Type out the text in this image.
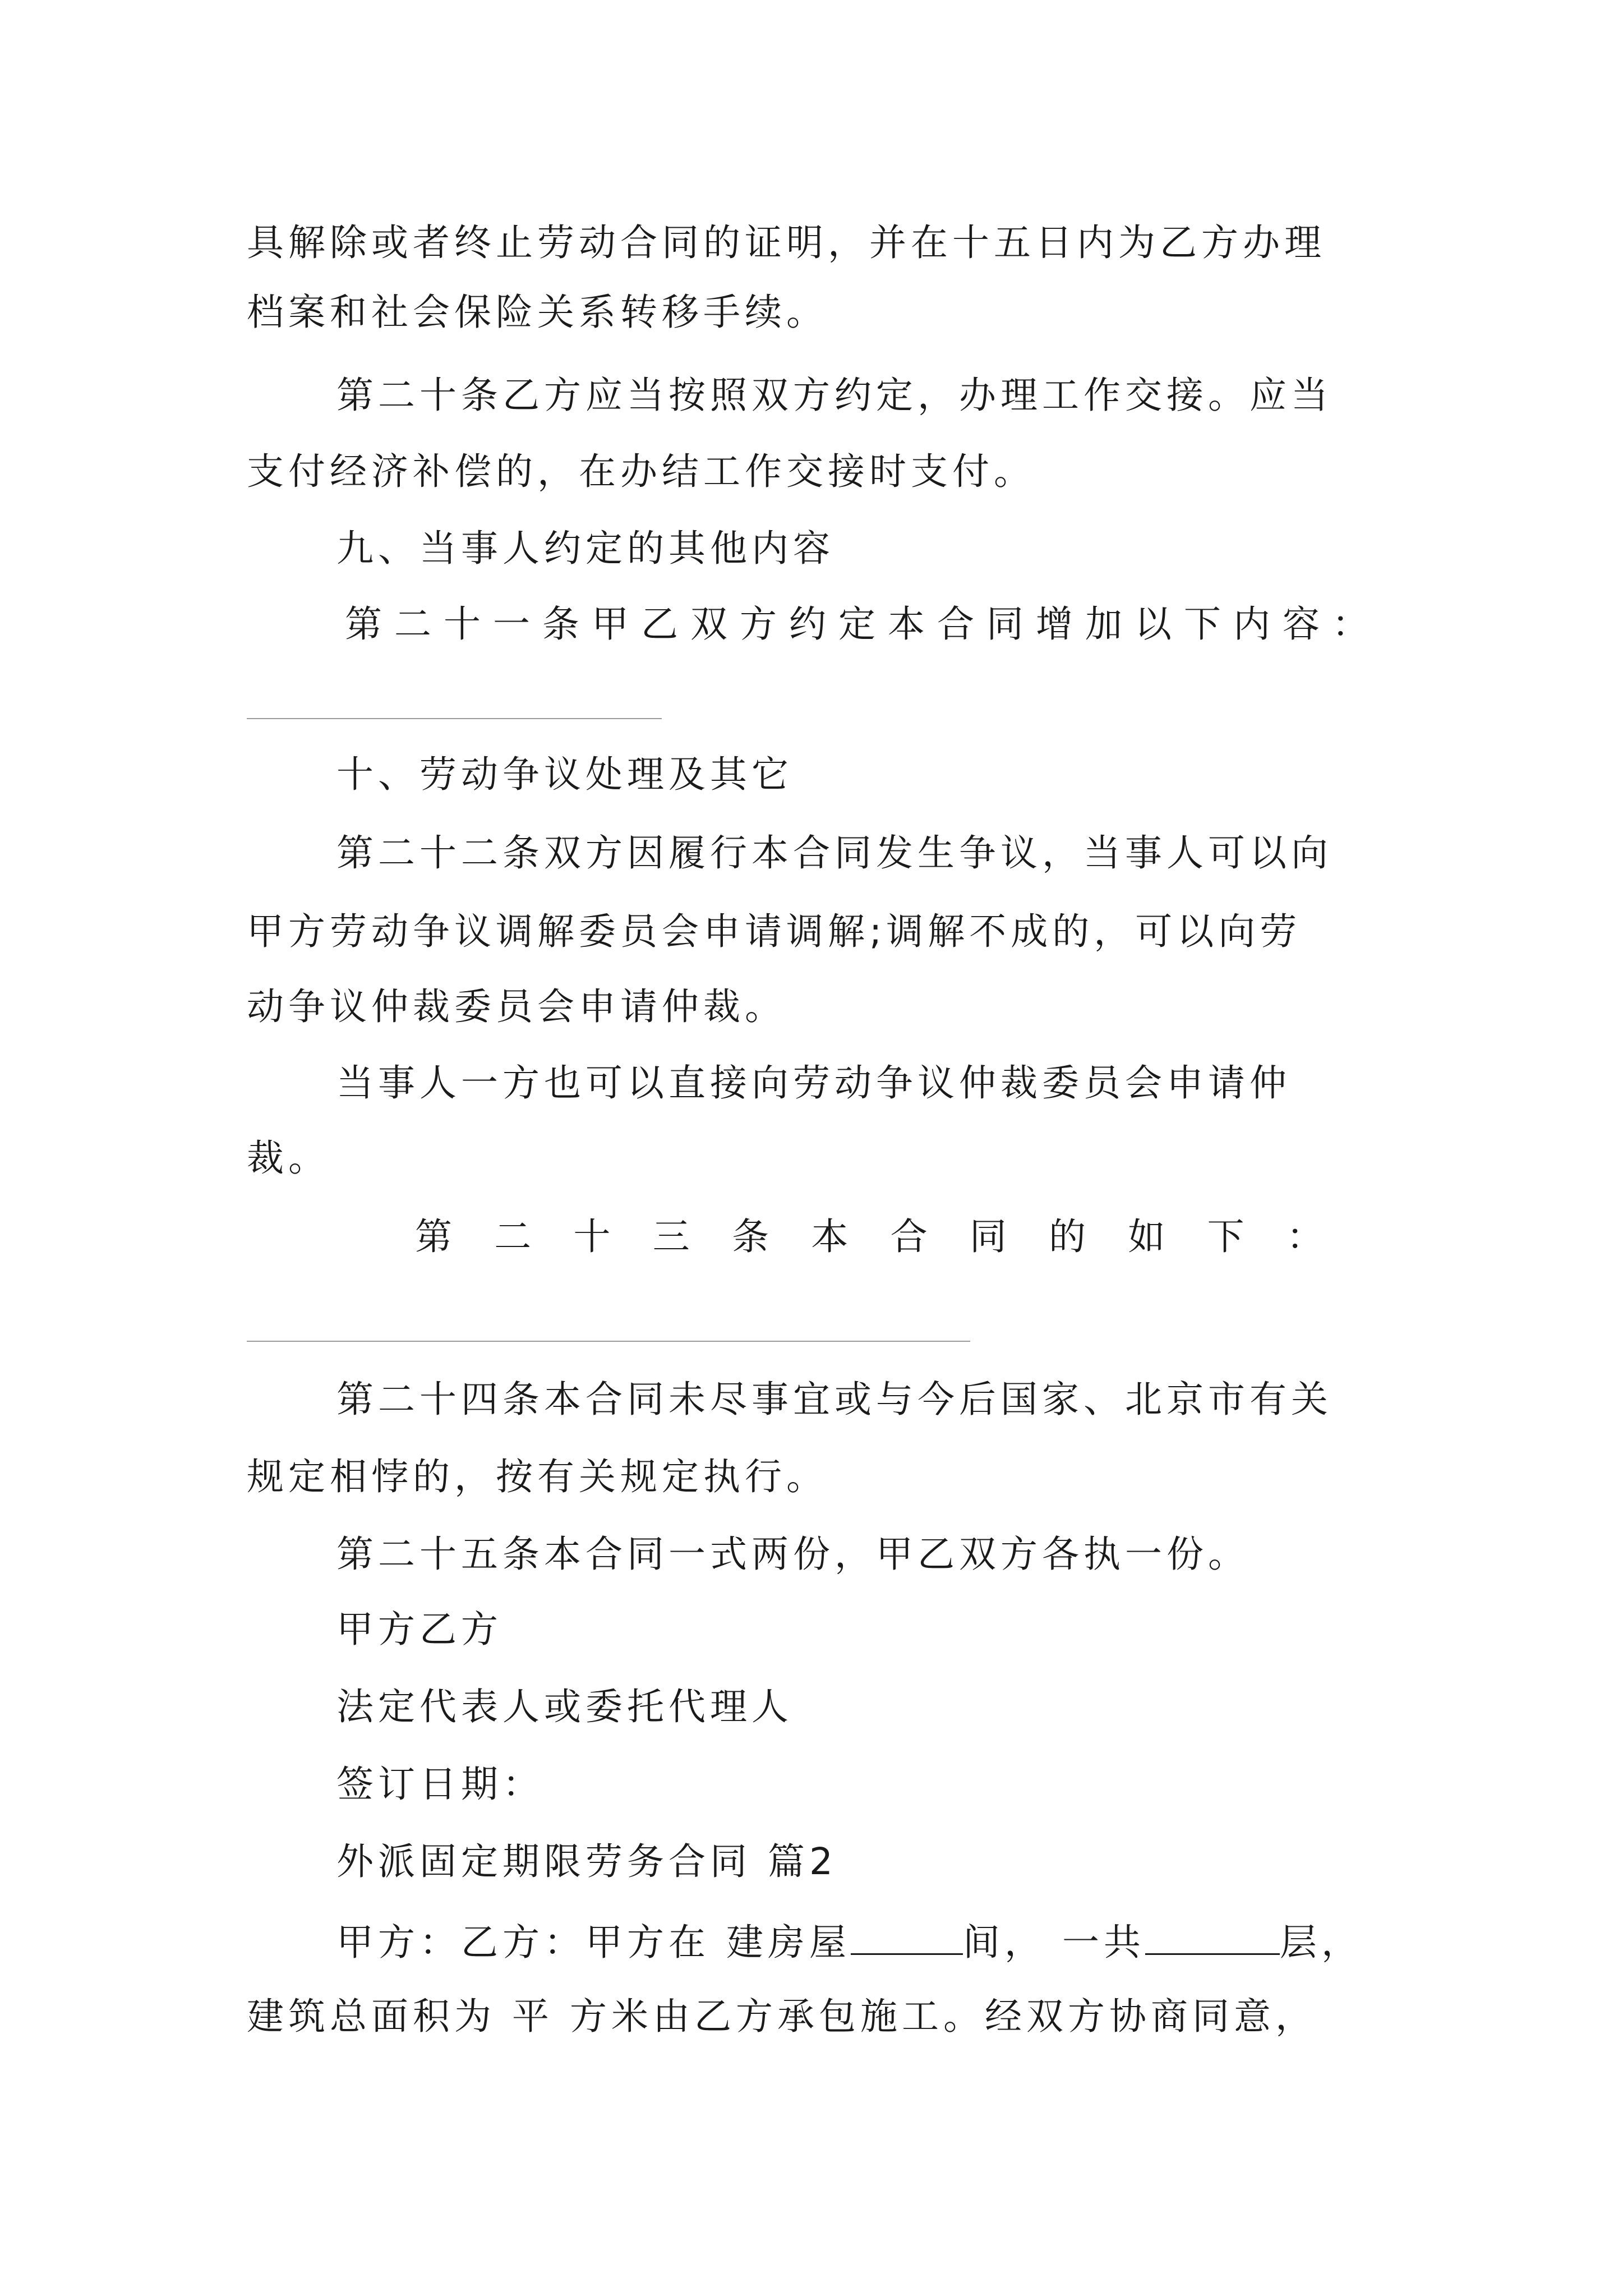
具解除或者终止劳动合同的证明，并在十五日内为乙方办理
档案和社会保险关系转移手续。
第二十条乙方应当按照双方约定，办理工作交接。应当
支付经济补偿的，在办结工作交接时支付。
九、当事人约定的其他内容
第二十一条甲乙双方约定本合同增加以下内容：
十、劳动争议处理及其它
第二十二条双方因履行本合同发生争议，当事人可以向
甲方劳动争议调解委员会申请调解;调解不成的，可以向劳
动争议仲裁委员会申请仲裁。
当事人一方也可以直接向劳动争议仲裁委员会申请仲
裁。
第 二 十 三 条 本 合 同 的 如 下 ：
第二十四条本合同未尽事宜或与今后国家、北京市有关
规定相悖的，按有关规定执行。
第二十五条本合同一式两份，甲乙双方各执一份。
甲方乙方
法定代表人或委托代理人
签订日期：
外派固定期限劳务合同 篇2
甲方：乙方：甲方在 建房屋	间， 一共	层，
建筑总面积为 平 方米由乙方承包施工。经双方协商同意，
